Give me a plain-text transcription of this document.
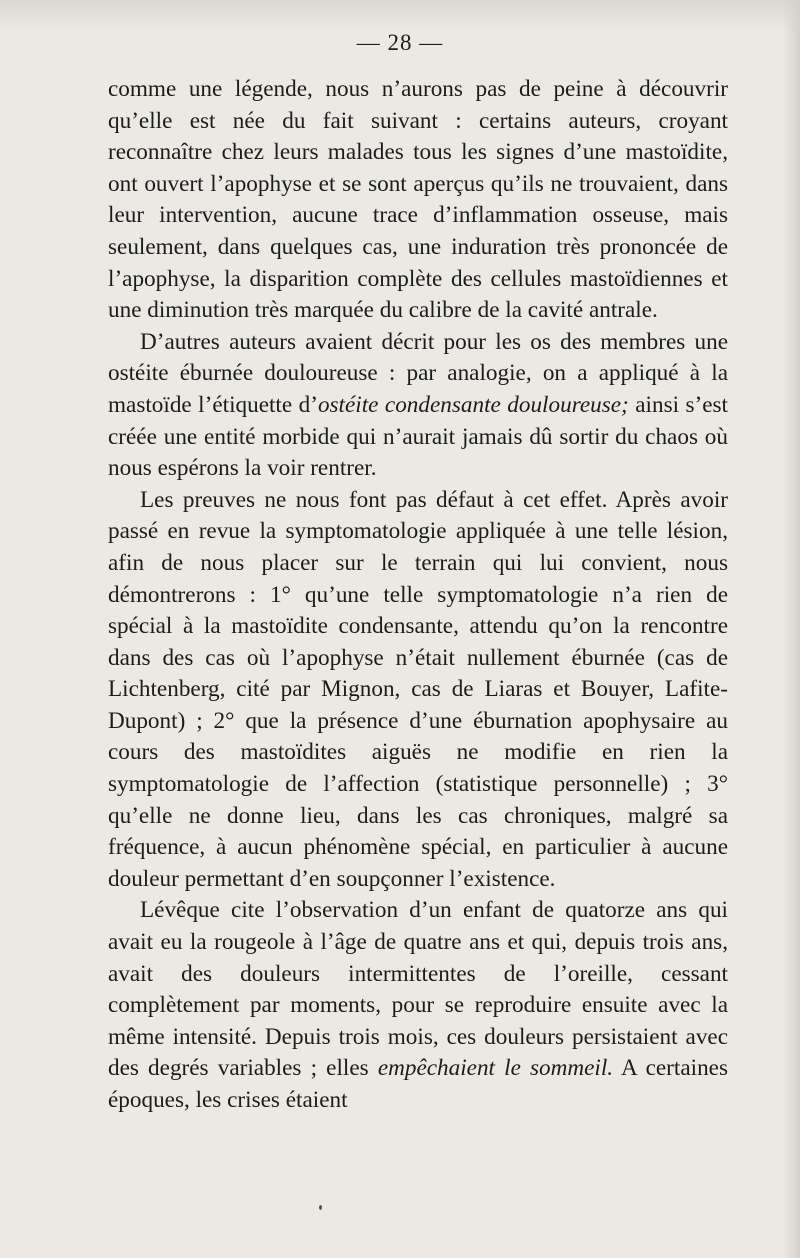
— 28 —

comme une légende, nous n’aurons pas de peine à découvrir qu’elle est née du fait suivant : certains auteurs, croyant reconnaître chez leurs malades tous les signes d’une mastoïdite, ont ouvert l’apophyse et se sont aperçus qu’ils ne trouvaient, dans leur intervention, aucune trace d’inflammation osseuse, mais seulement, dans quelques cas, une induration très prononcée de l’apophyse, la disparition complète des cellules mastoïdiennes et une diminution très marquée du calibre de la cavité antrale.

D’autres auteurs avaient décrit pour les os des membres une ostéite éburnée douloureuse : par analogie, on a appliqué à la mastoïde l’étiquette d’ostéite condensante douloureuse; ainsi s’est créée une entité morbide qui n’aurait jamais dû sortir du chaos où nous espérons la voir rentrer.

Les preuves ne nous font pas défaut à cet effet. Après avoir passé en revue la symptomatologie appliquée à une telle lésion, afin de nous placer sur le terrain qui lui convient, nous démontrerons : 1° qu’une telle symptomatologie n’a rien de spécial à la mastoïdite condensante, attendu qu’on la rencontre dans des cas où l’apophyse n’était nullement éburnée (cas de Lichtenberg, cité par Mignon, cas de Liaras et Bouyer, Lafite-Dupont) ; 2° que la présence d’une éburnation apophysaire au cours des mastoïdites aiguës ne modifie en rien la symptomatologie de l’affection (statistique personnelle) ; 3° qu’elle ne donne lieu, dans les cas chroniques, malgré sa fréquence, à aucun phénomène spécial, en particulier à aucune douleur permettant d’en soupçonner l’existence.

Lévêque cite l’observation d’un enfant de quatorze ans qui avait eu la rougeole à l’âge de quatre ans et qui, depuis trois ans, avait des douleurs intermittentes de l’oreille, cessant complètement par moments, pour se reproduire ensuite avec la même intensité. Depuis trois mois, ces douleurs persistaient avec des degrés variables ; elles empêchaient le sommeil. A certaines époques, les crises étaient
